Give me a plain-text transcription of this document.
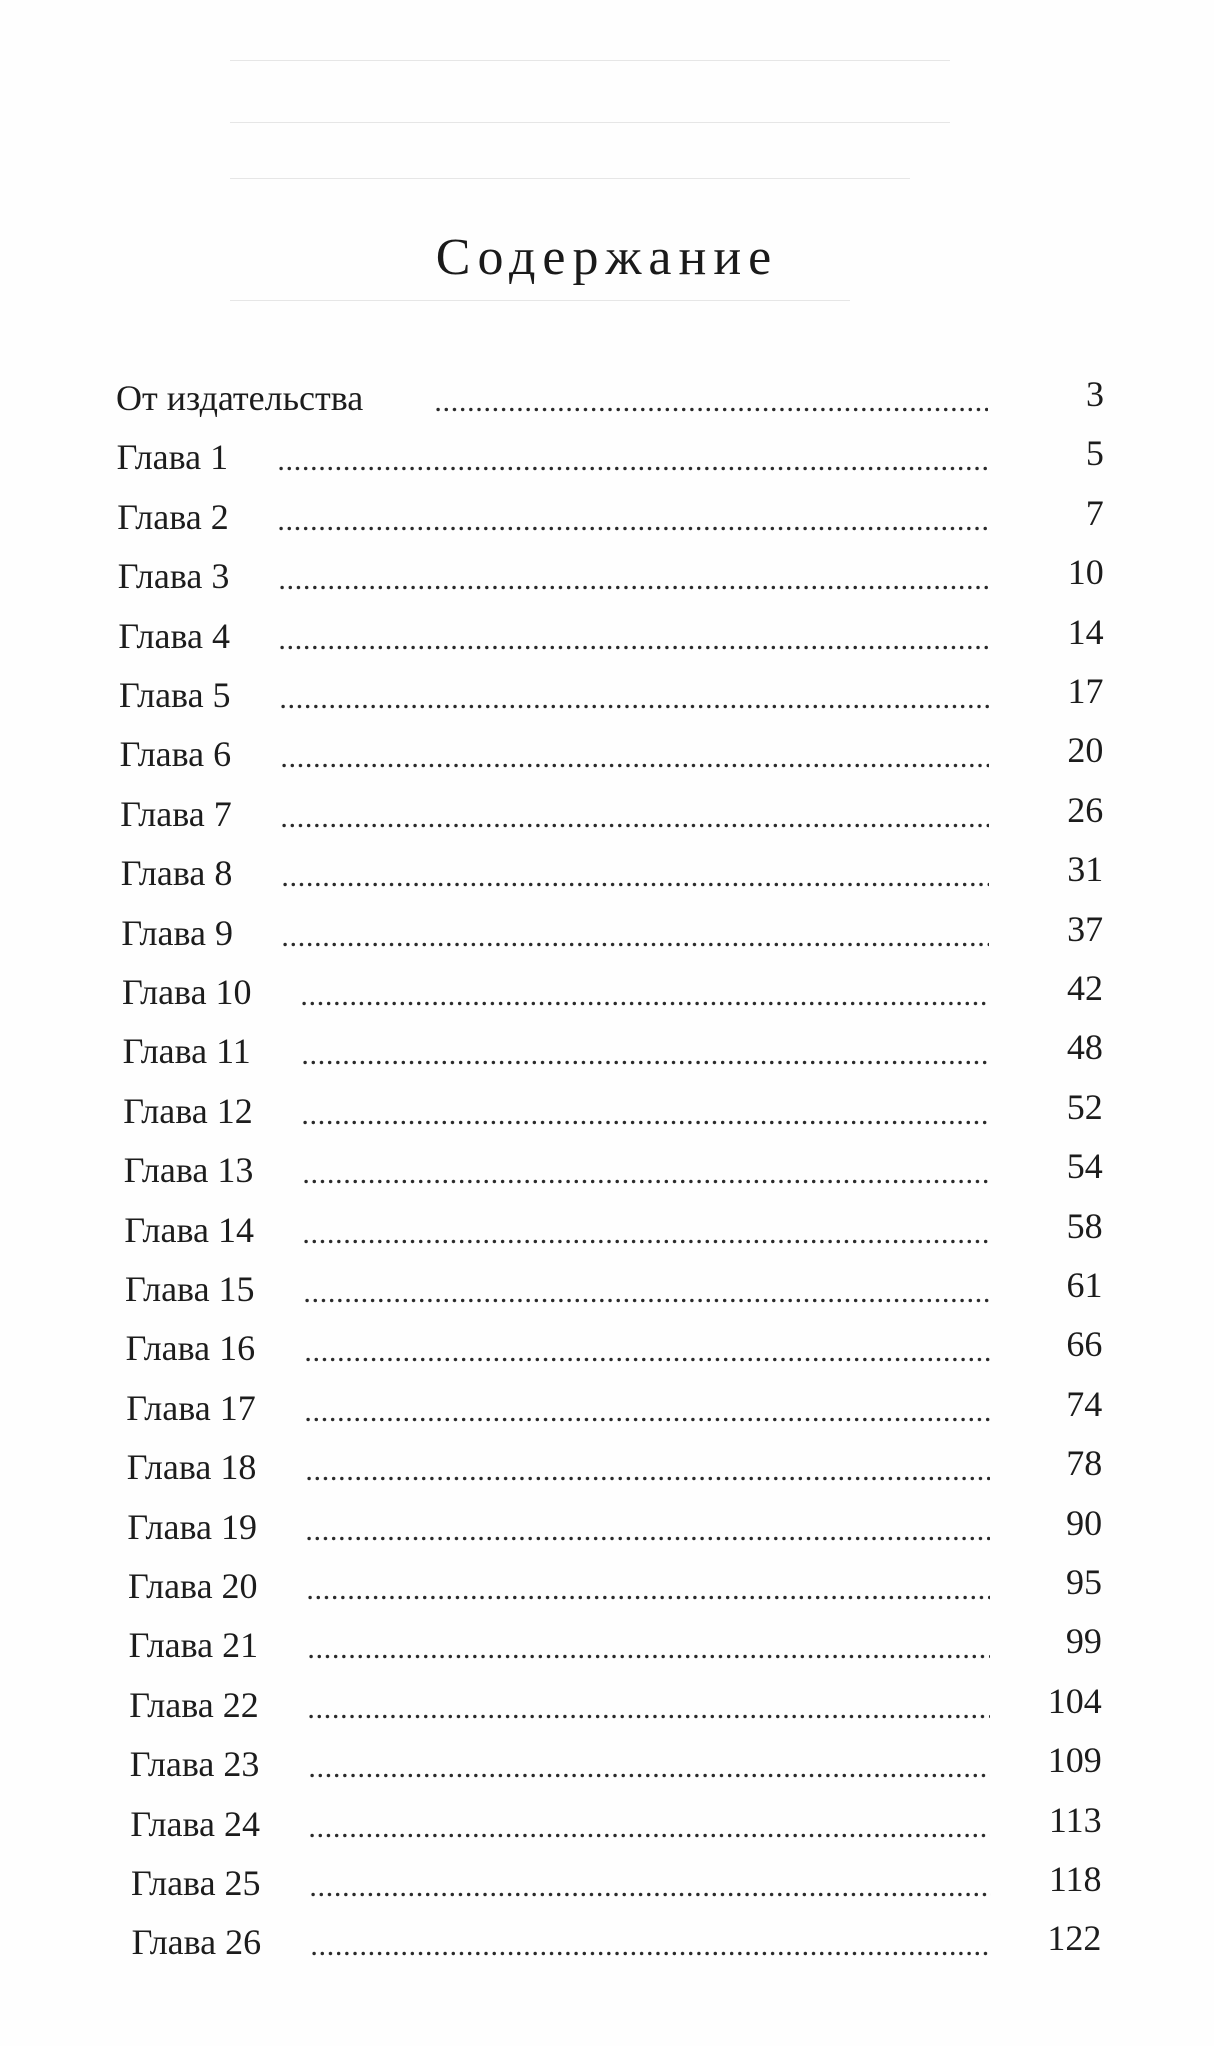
Содержание
От издательства	3
Глава 1	5
Глава 2	7
Глава 3	10
Глава 4	14
Глава 5	17
Глава 6	20
Глава 7	26
Глава 8	31
Глава 9	37
Глава 10	42
Глава 11	48
Глава 12	52
Глава 13	54
Глава 14	58
Глава 15	61
Глава 16	66
Глава 17	74
Глава 18	78
Глава 19	90
Глава 20	95
Глава 21	99
Глава 22	104
Глава 23	109
Глава 24	113
Глава 25	118
Глава 26	122
